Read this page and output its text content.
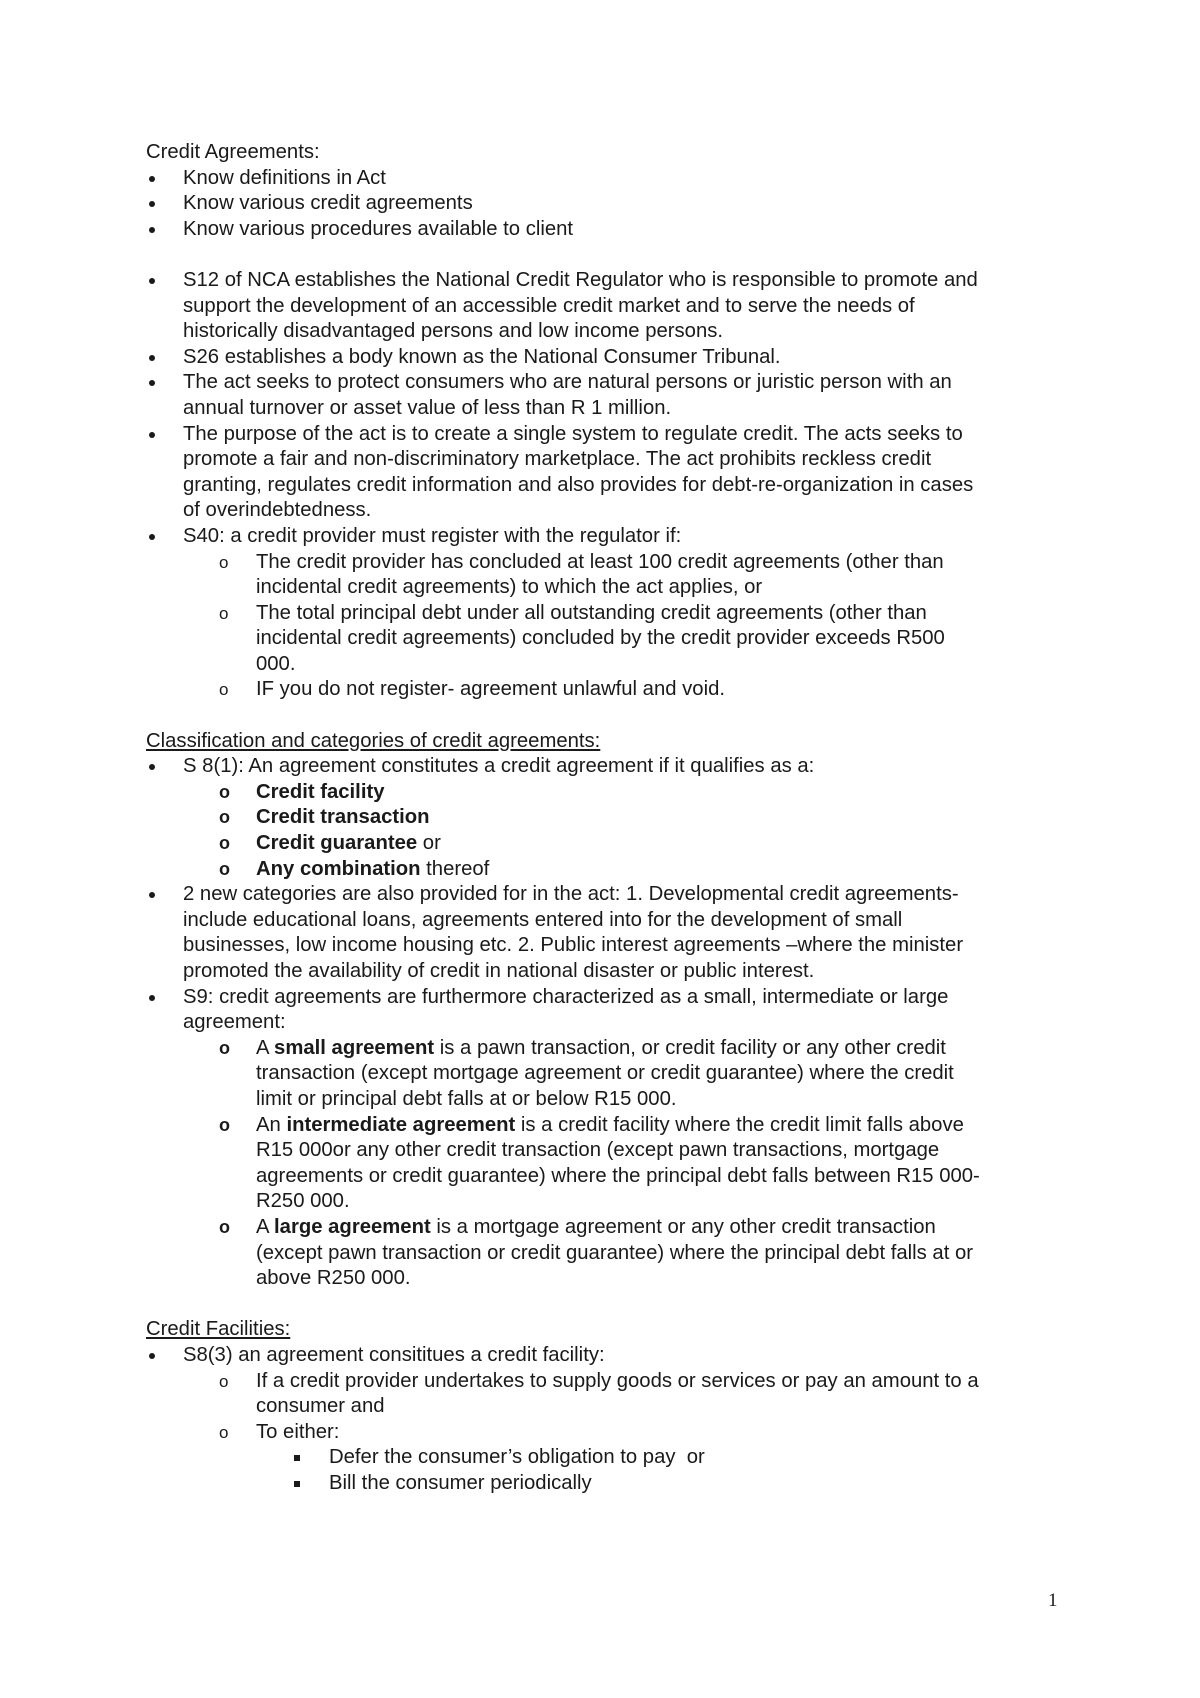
Credit Agreements:
Know definitions in Act
Know various credit agreements
Know various procedures available to client
S12 of NCA establishes the National Credit Regulator who is responsible to promote and
support the development of an accessible credit market and to serve the needs of
historically disadvantaged persons and low income persons.
S26 establishes a body known as the National Consumer Tribunal.
The act seeks to protect consumers who are natural persons or juristic person with an
annual turnover or asset value of less than R 1 million.
The purpose of the act is to create a single system to regulate credit. The acts seeks to
promote a fair and non-discriminatory marketplace. The act prohibits reckless credit
granting, regulates credit information and also provides for debt-re-organization in cases
of overindebtedness.
S40: a credit provider must register with the regulator if:
o	The credit provider has concluded at least 100 credit agreements (other than
incidental credit agreements) to which the act applies, or
o	The total principal debt under all outstanding credit agreements (other than
incidental credit agreements) concluded by the credit provider exceeds R500
000.
o	IF you do not register- agreement unlawful and void.
Classification and categories of credit agreements:
S 8(1): An agreement constitutes a credit agreement if it qualifies as a:
o	Credit facility
o	Credit transaction
o	Credit guarantee or
o	Any combination thereof
2 new categories are also provided for in the act: 1. Developmental credit agreements-
include educational loans, agreements entered into for the development of small
businesses, low income housing etc. 2. Public interest agreements –where the minister
promoted the availability of credit in national disaster or public interest.
S9: credit agreements are furthermore characterized as a small, intermediate or large
agreement:
o	A small agreement is a pawn transaction, or credit facility or any other credit
transaction (except mortgage agreement or credit guarantee) where the credit
limit or principal debt falls at or below R15 000.
o	An intermediate agreement is a credit facility where the credit limit falls above
R15 000or any other credit transaction (except pawn transactions, mortgage
agreements or credit guarantee) where the principal debt falls between R15 000-
R250 000.
o	A large agreement is a mortgage agreement or any other credit transaction
(except pawn transaction or credit guarantee) where the principal debt falls at or
above R250 000.
Credit Facilities:
S8(3) an agreement consititues a credit facility:
o	If a credit provider undertakes to supply goods or services or pay an amount to a
consumer and
o	To either:
Defer the consumer’s obligation to pay  or
Bill the consumer periodically
1
